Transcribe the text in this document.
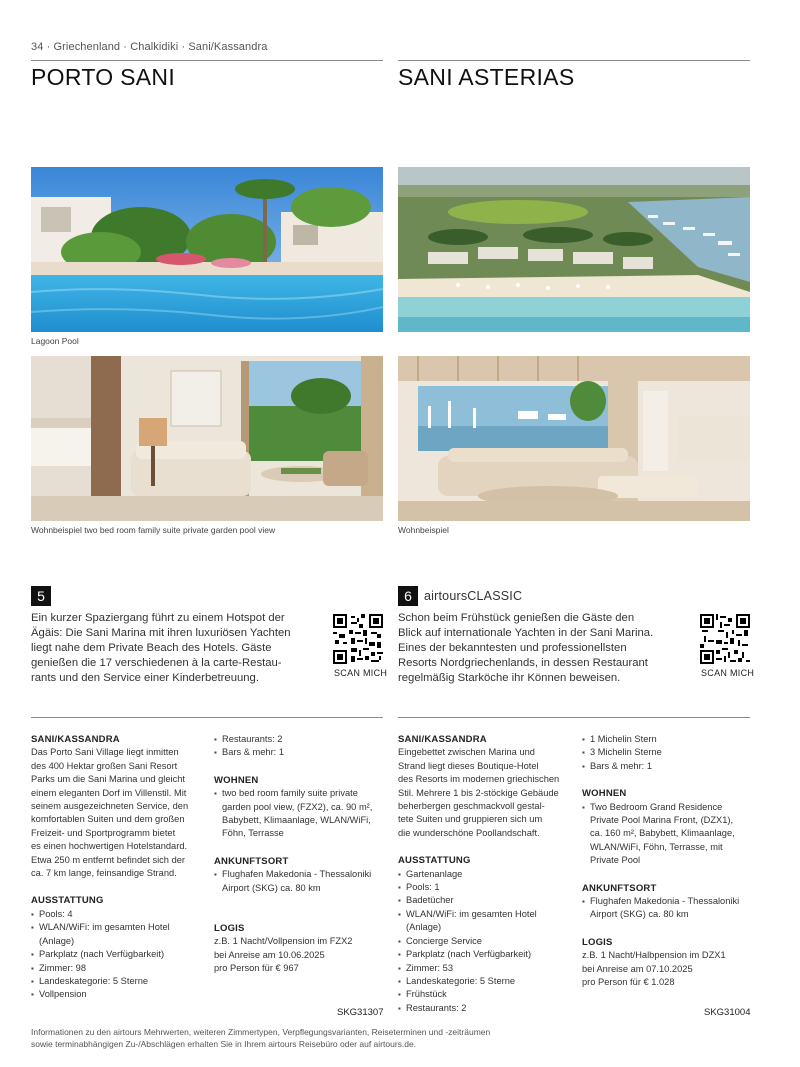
34 · Griechenland · Chalkidiki · Sani/Kassandra
PORTO SANI	SANI ASTERIAS
Lagoon Pool
Wohnbeispiel two bed room family suite private garden pool view	Wohnbeispiel
5
Ein kurzer Spaziergang führt zu einem Hotspot der
Ägäis: Die Sani Marina mit ihren luxuriösen Yachten
liegt nahe dem Private Beach des Hotels. Gäste
genießen die 17 verschiedenen à la carte-Restau-
rants und den Service einer Kinderbetreuung.	SCAN MICH
6 airtoursCLASSIC
Schon beim Frühstück genießen die Gäste den
Blick auf internationale Yachten in der Sani Marina.
Eines der bekanntesten und professionellsten
Resorts Nordgriechenlands, in dessen Restaurant
regelmäßig Starköche ihr Können beweisen.	SCAN MICH
SANI/KASSANDRA

Das Porto Sani Village liegt inmitten
des 400 Hektar großen Sani Resort
Parks um die Sani Marina und gleicht
einem eleganten Dorf im Villenstil. Mit
seinem ausgezeichneten Service, den
komfortablen Suiten und dem großen
Freizeit- und Sportprogramm bietet
es einen hochwertigen Hotelstandard.
Etwa 250 m entfernt befindet sich der
ca. 7 km lange, feinsandige Strand.

AUSSTATTUNG
▪ Pools: 4
▪ WLAN/WiFi: im gesamten Hotel (Anlage)
▪ Parkplatz (nach Verfügbarkeit)
▪ Zimmer: 98
▪ Landeskategorie: 5 Sterne
▪ Vollpension
▪ Restaurants: 2
▪ Bars & mehr: 1
WOHNEN
▪ two bed room family suite private garden pool view, (FZX2), ca. 90 m², Babybett, Klimaanlage, WLAN/WiFi, Föhn, Terrasse
ANKUNFTSORT
▪ Flughafen Makedonia - Thessaloniki Airport (SKG) ca. 80 km
LOGIS

z.B. 1 Nacht/Vollpension im FZX2
bei Anreise am 10.06.2025
pro Person für € 967

SKG31307
SANI/KASSANDRA

Eingebettet zwischen Marina und
Strand liegt dieses Boutique-Hotel
des Resorts im modernen griechischen
Stil. Mehrere 1 bis 2-stöckige Gebäude
beherbergen geschmackvoll gestal-
tete Suiten und gruppieren sich um
die wunderschöne Poollandschaft.

AUSSTATTUNG
▪ Gartenanlage
▪ Pools: 1
▪ Badetücher
▪ WLAN/WiFi: im gesamten Hotel (Anlage)
▪ Concierge Service
▪ Parkplatz (nach Verfügbarkeit)
▪ Zimmer: 53
▪ Landeskategorie: 5 Sterne
▪ Frühstück
▪ Restaurants: 2
▪ 1 Michelin Stern
▪ 3 Michelin Sterne
▪ Bars & mehr: 1
WOHNEN
▪ Two Bedroom Grand Residence Private Pool Marina Front, (DZX1), ca. 160 m², Babybett, Klimaanlage, WLAN/WiFi, Föhn, Terrasse, mit Private Pool
ANKUNFTSORT
▪ Flughafen Makedonia - Thessaloniki Airport (SKG) ca. 80 km
LOGIS

z.B. 1 Nacht/Halbpension im DZX1
bei Anreise am 07.10.2025
pro Person für € 1.028

SKG31004
Informationen zu den airtours Mehrwerten, weiteren Zimmertypen, Verpflegungsvarianten, Reiseterminen und -zeiträumen
sowie terminabhängigen Zu-/Abschlägen erhalten Sie in Ihrem airtours Reisebüro oder auf airtours.de.
